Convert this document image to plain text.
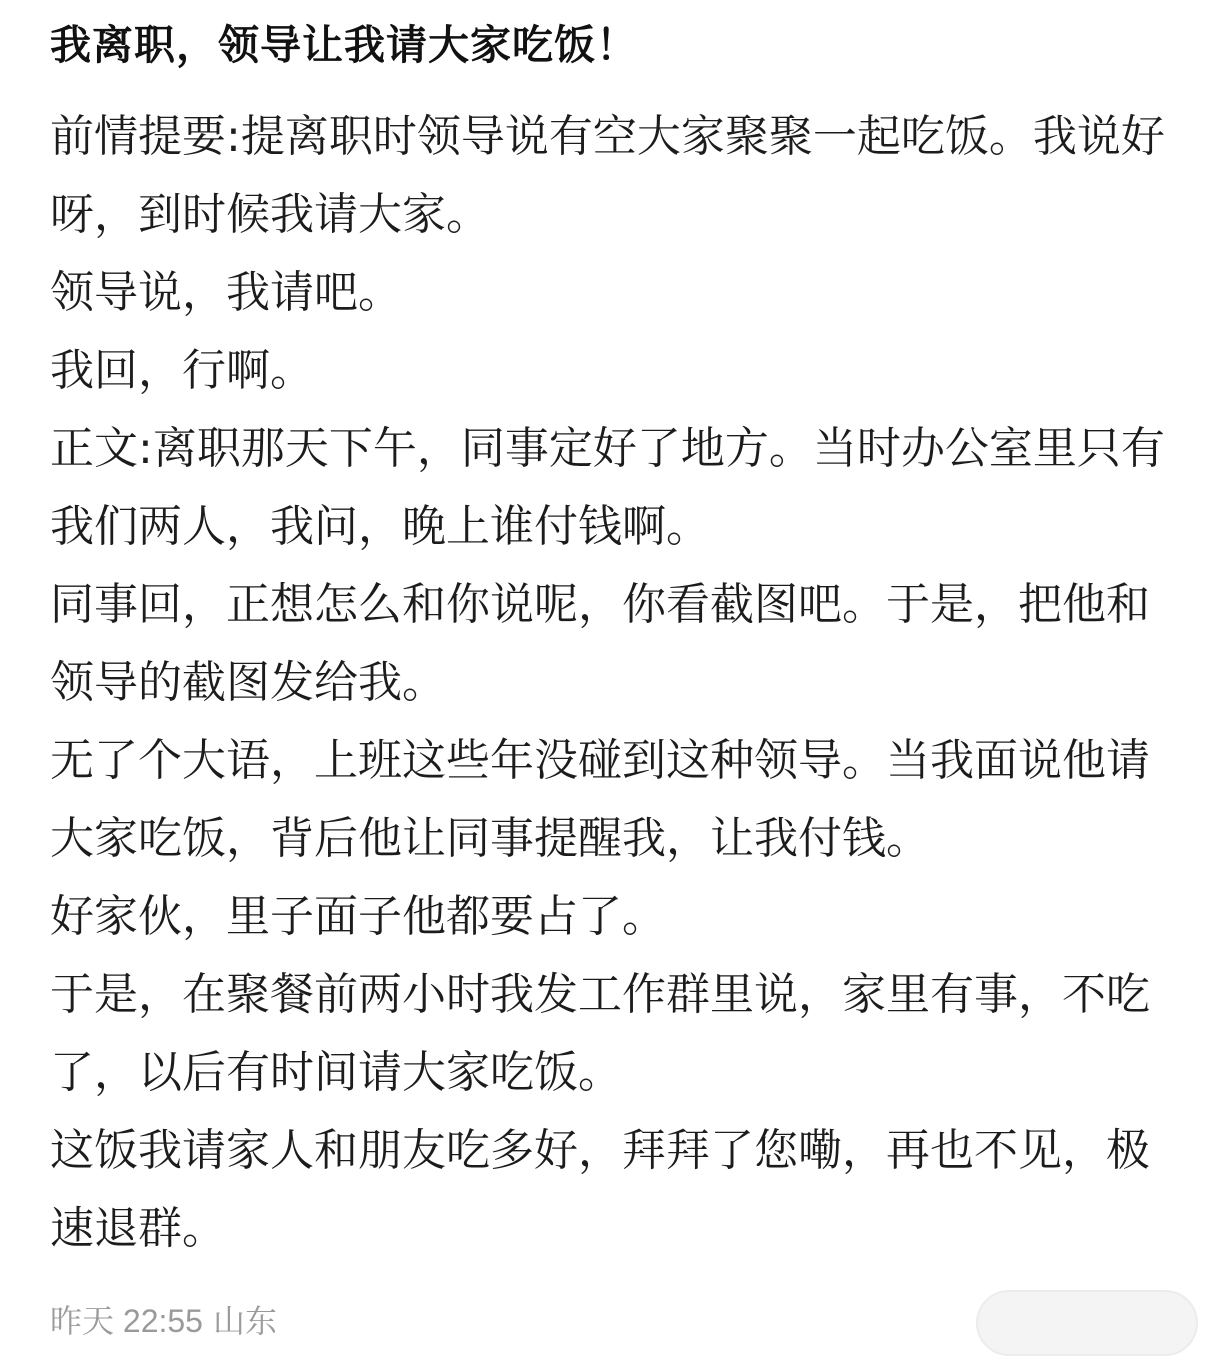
我离职，领导让我请大家吃饭！

前情提要:提离职时领导说有空大家聚聚一起吃饭。我说好呀，到时候我请大家。

领导说，我请吧。

我回，行啊。

正文:离职那天下午，同事定好了地方。当时办公室里只有我们两人，我问，晚上谁付钱啊。

同事回，正想怎么和你说呢，你看截图吧。于是，把他和领导的截图发给我。

无了个大语，上班这些年没碰到这种领导。当我面说他请大家吃饭，背后他让同事提醒我，让我付钱。

好家伙，里子面子他都要占了。

于是，在聚餐前两小时我发工作群里说，家里有事，不吃了，以后有时间请大家吃饭。

这饭我请家人和朋友吃多好，拜拜了您嘞，再也不见，极速退群。

昨天 22:55 山东
